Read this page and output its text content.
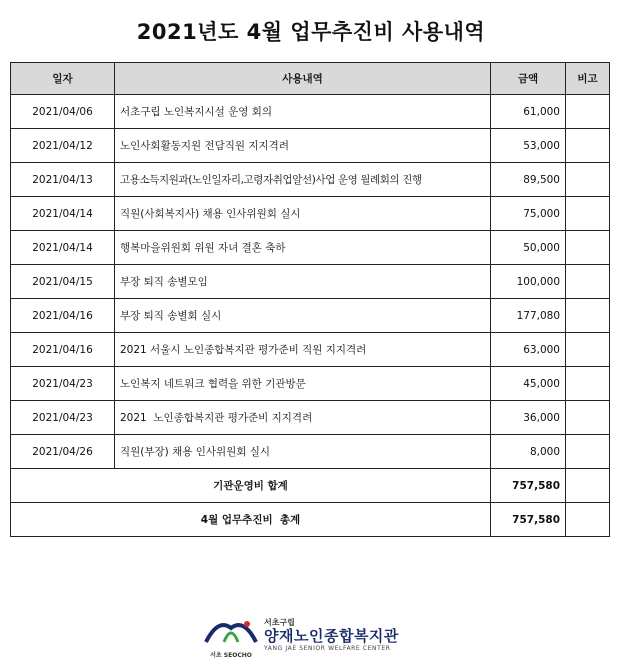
2021년도 4월 업무추진비 사용내역
일자	사용내역	금액	비고
2021/04/06	서초구립 노인복지시설 운영 회의	61,000	
2021/04/12	노인사회활동지원 전담직원 지지격려	53,000	
2021/04/13	고용소득지원과(노인일자리,고령자취업알선)사업 운영 월례회의 진행	89,500	
2021/04/14	직원(사회복지사) 채용 인사위원회 실시	75,000	
2021/04/14	행복마을위원회 위원 자녀 결혼 축하	50,000	
2021/04/15	부장 퇴직 송별모임	100,000	
2021/04/16	부장 퇴직 송별회 실시	177,080	
2021/04/16	2021 서울시 노인종합복지관 평가준비 직원 지지격려	63,000	
2021/04/23	노인복지 네트워크 협력을 위한 기관방문	45,000	
2021/04/23	2021  노인종합복지관 평가준비 지지격려	36,000	
2021/04/26	직원(부장) 채용 인사위원회 실시	8,000	
기관운영비 합계		757,580	
4월 업무추진비  총계		757,580	
서초 SEOCHO
서초구립
양재노인종합복지관
YANG JAE SENIOR WELFARE CENTER
